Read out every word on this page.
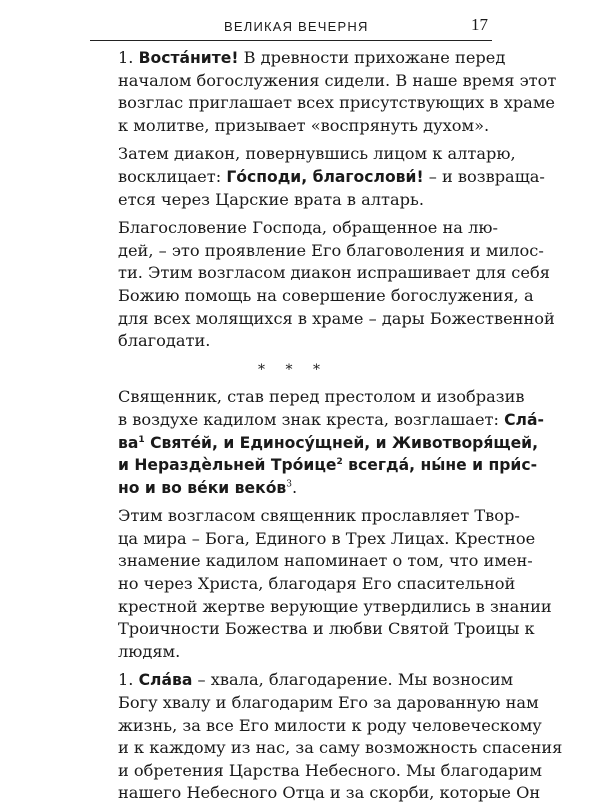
ВЕЛИКАЯ ВЕЧЕРНЯ	17

1. Воста́ните! В древности прихожане перед
началом богослужения сидели. В наше время этот
возглас приглашает всех присутствующих в храме
к молитве, призывает «воспрянуть духом».

Затем диакон, повернувшись лицом к алтарю,
восклицает: Го́споди, благослови́! – и возвраща-
ется через Царские врата в алтарь.

Благословение Господа, обращенное на лю-
дей, – это проявление Его благоволения и милос-
ти. Этим возгласом диакон испрашивает для себя
Божию помощь на совершение богослужения, а
для всех молящихся в храме – дары Божественной
благодати.

* * *

Священник, став перед престолом и изобразив
в воздухе кадилом знак креста, возглашает: Сла́-
$ва^1$ Святе́й, и Единосу́щней, и Животворя́щей,
и Нераздѐльней Тро́ице$^2$ всегда́, ны́не и при́с-
но и во ве́ки $веко́в^3$.

Этим возгласом священник прославляет Твор-
ца мира – Бога, Единого в Трех Лицах. Крестное
знамение кадилом напоминает о том, что имен-
но через Христа, благодаря Его спасительной
крестной жертве верующие утвердились в знании
Троичности Божества и любви Святой Троицы к
людям.

1. Сла́ва – хвала, благодарение. Мы возносим
Богу хвалу и благодарим Его за дарованную нам
жизнь, за все Его милости к роду человеческому
и к каждому из нас, за саму возможность спасения
и обретения Царства Небесного. Мы благодарим
нашего Небесного Отца и за скорби, которые Он
